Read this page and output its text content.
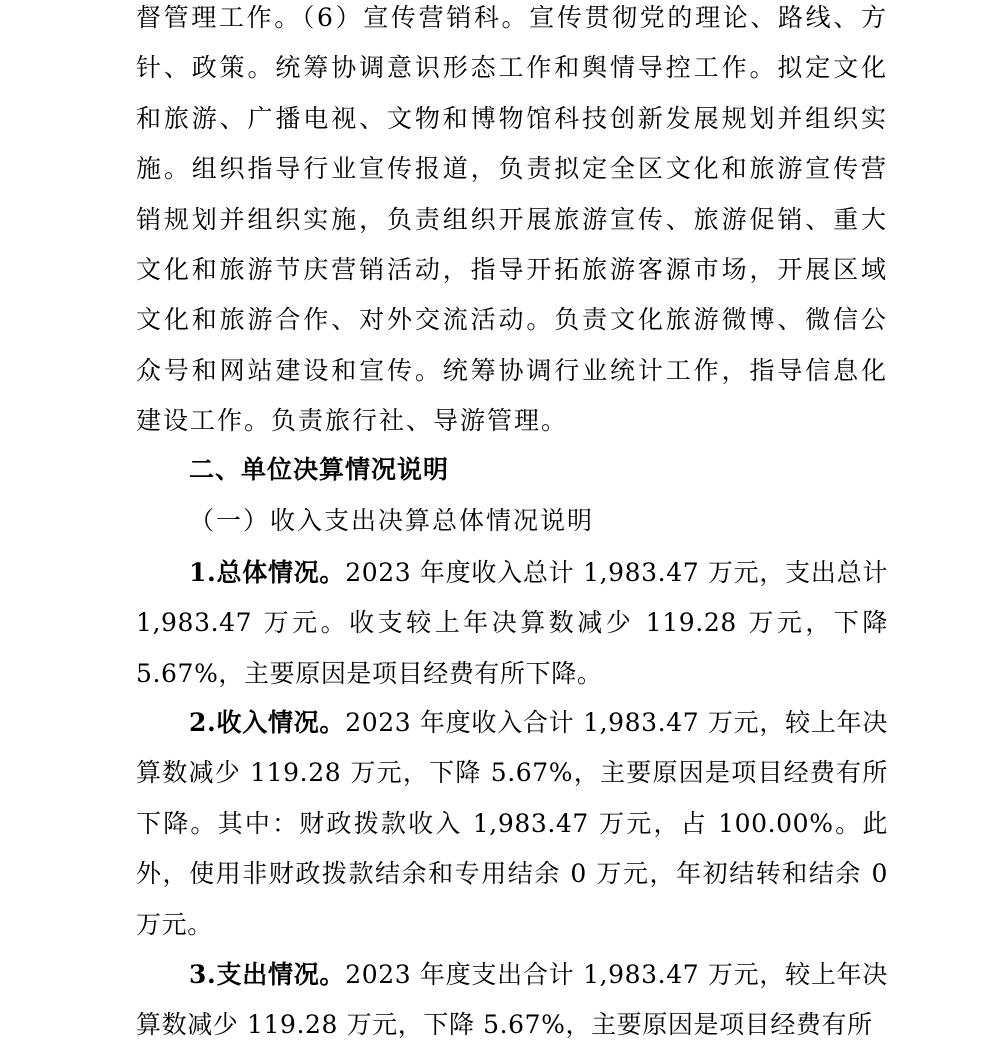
督管理工作。（6）宣传营销科。宣传贯彻党的理论、路线、方针、政策。统筹协调意识形态工作和舆情导控工作。拟定文化和旅游、广播电视、文物和博物馆科技创新发展规划并组织实施。组织指导行业宣传报道，负责拟定全区文化和旅游宣传营销规划并组织实施，负责组织开展旅游宣传、旅游促销、重大文化和旅游节庆营销活动，指导开拓旅游客源市场，开展区域文化和旅游合作、对外交流活动。负责文化旅游微博、微信公众号和网站建设和宣传。统筹协调行业统计工作，指导信息化建设工作。负责旅行社、导游管理。

二、单位决算情况说明
（一）收入支出决算总体情况说明

1.总体情况。2023 年度收入总计 1,983.47 万元，支出总计 1,983.47 万元。收支较上年决算数减少 119.28 万元，下降 5.67%，主要原因是项目经费有所下降。

2.收入情况。2023 年度收入合计 1,983.47 万元，较上年决算数减少 119.28 万元，下降 5.67%，主要原因是项目经费有所下降。其中：财政拨款收入 1,983.47 万元，占 100.00%。此外，使用非财政拨款结余和专用结余 0 万元，年初结转和结余 0 万元。

3.支出情况。2023 年度支出合计 1,983.47 万元，较上年决算数减少 119.28 万元，下降 5.67%，主要原因是项目经费有所
